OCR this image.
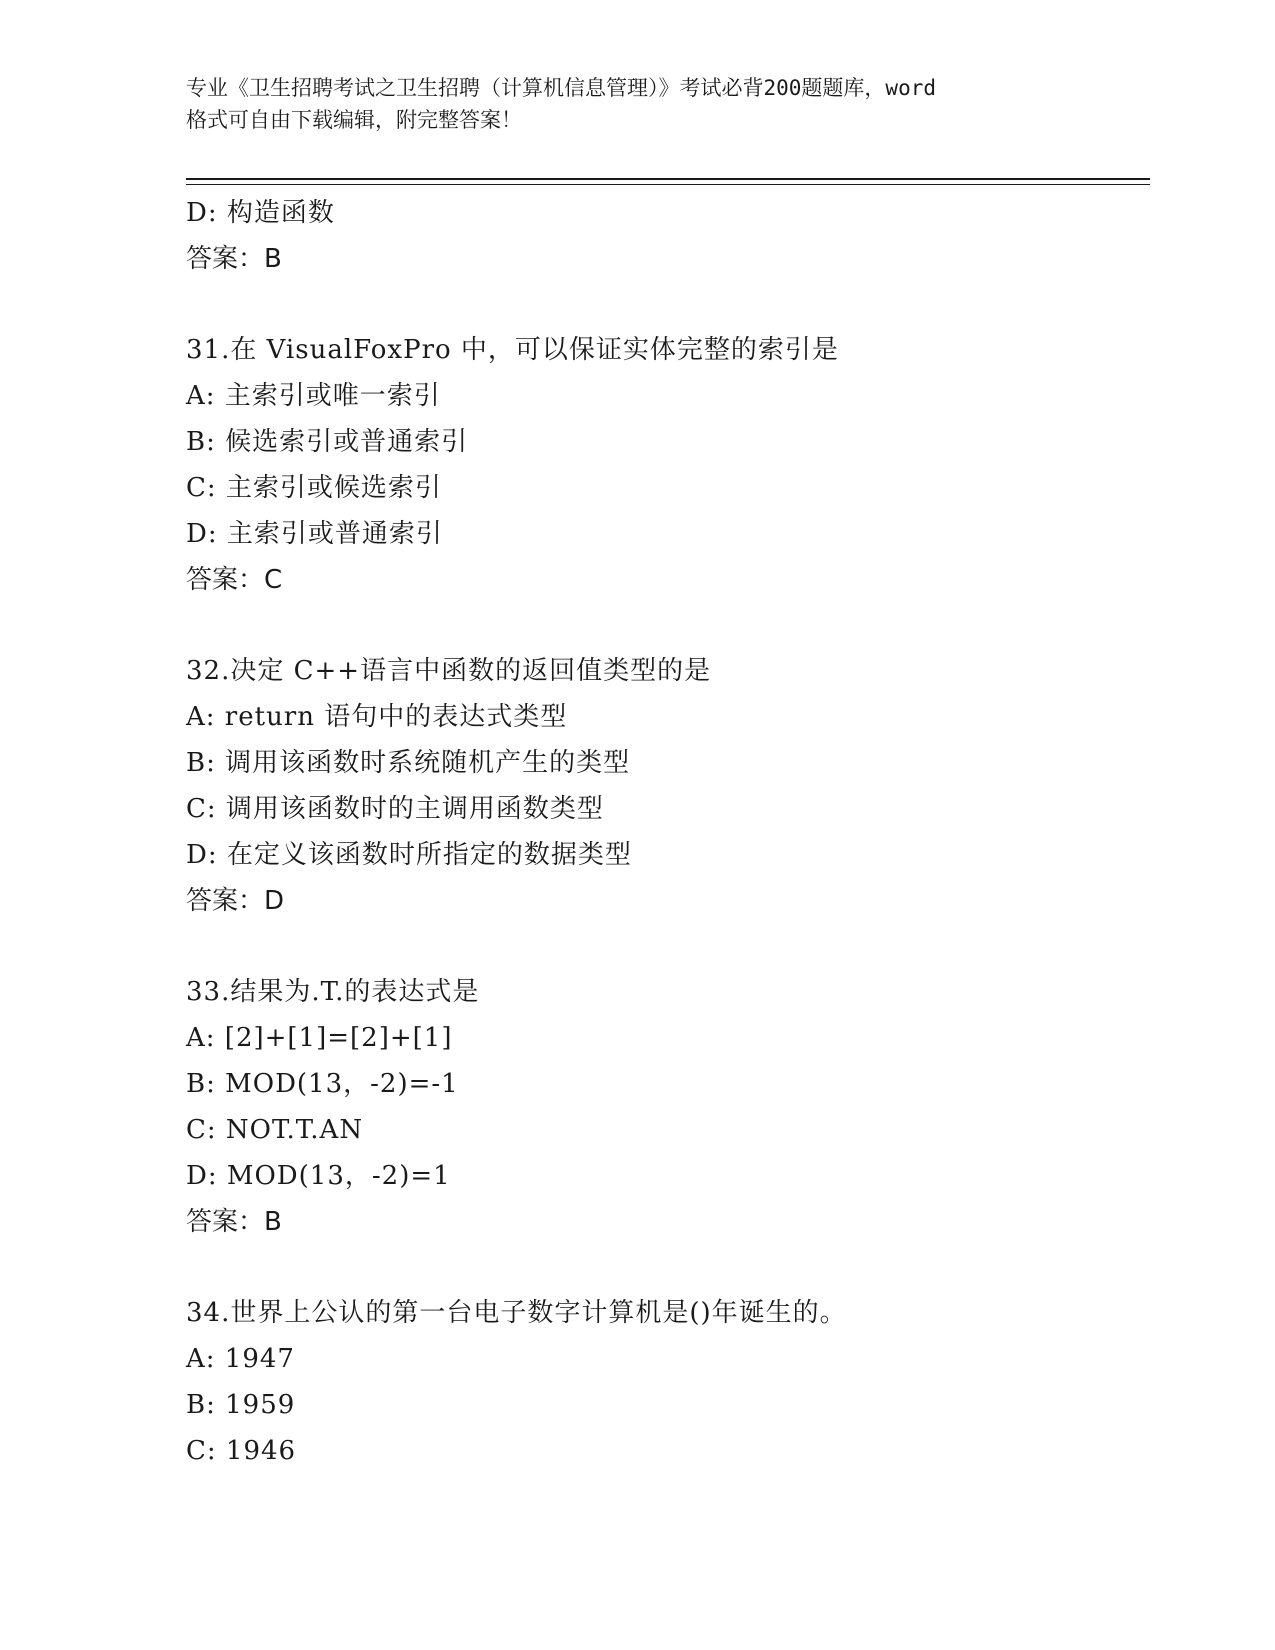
专业《卫生招聘考试之卫生招聘（计算机信息管理）》考试必背200题题库，word
格式可自由下载编辑，附完整答案！
D: 构造函数
答案：B
31.在 VisualFoxPro 中，可以保证实体完整的索引是
A: 主索引或唯一索引
B: 候选索引或普通索引
C: 主索引或候选索引
D: 主索引或普通索引
答案：C
32.决定 C++语言中函数的返回值类型的是
A: return 语句中的表达式类型
B: 调用该函数时系统随机产生的类型
C: 调用该函数时的主调用函数类型
D: 在定义该函数时所指定的数据类型
答案：D
33.结果为.T.的表达式是
A: [2]+[1]=[2]+[1]
B: MOD(13，-2)=-1
C: NOT.T.AN
D: MOD(13，-2)=1
答案：B
34.世界上公认的第一台电子数字计算机是()年诞生的。
A: 1947
B: 1959
C: 1946
